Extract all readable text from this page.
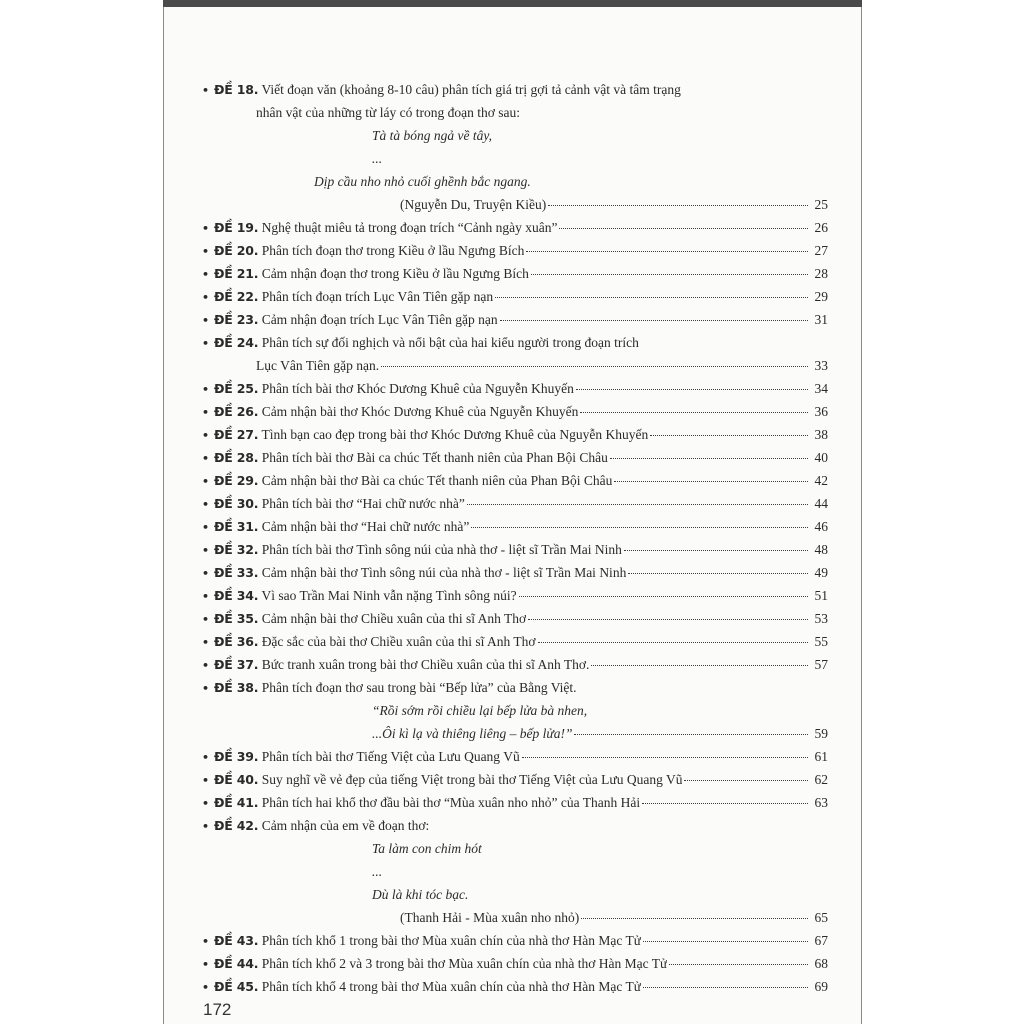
• ĐỀ 18. Viết đoạn văn (khoảng 8-10 câu) phân tích giá trị gợi tả cảnh vật và tâm trạng
nhân vật của những từ láy có trong đoạn thơ sau:
Tà tà bóng ngả về tây,
...
Dịp cầu nho nhỏ cuối ghềnh bắc ngang.
(Nguyễn Du, Truyện Kiều)	25
• ĐỀ 19. Nghệ thuật miêu tả trong đoạn trích “Cảnh ngày xuân”	26
• ĐỀ 20. Phân tích đoạn thơ trong Kiều ở lầu Ngưng Bích	27
• ĐỀ 21. Cảm nhận đoạn thơ trong Kiều ở lầu Ngưng Bích	28
• ĐỀ 22. Phân tích đoạn trích Lục Vân Tiên gặp nạn	29
• ĐỀ 23. Cảm nhận đoạn trích Lục Vân Tiên gặp nạn	31
• ĐỀ 24. Phân tích sự đối nghịch và nổi bật của hai kiểu người trong đoạn trích
Lục Vân Tiên gặp nạn.	33
• ĐỀ 25. Phân tích bài thơ Khóc Dương Khuê của Nguyễn Khuyến	34
• ĐỀ 26. Cảm nhận bài thơ Khóc Dương Khuê của Nguyễn Khuyến	36
• ĐỀ 27. Tình bạn cao đẹp trong bài thơ Khóc Dương Khuê của Nguyễn Khuyến	38
• ĐỀ 28. Phân tích bài thơ Bài ca chúc Tết thanh niên của Phan Bội Châu	40
• ĐỀ 29. Cảm nhận bài thơ Bài ca chúc Tết thanh niên của Phan Bội Châu	42
• ĐỀ 30. Phân tích bài thơ “Hai chữ nước nhà”	44
• ĐỀ 31. Cảm nhận bài thơ “Hai chữ nước nhà”	46
• ĐỀ 32. Phân tích bài thơ Tình sông núi của nhà thơ - liệt sĩ Trần Mai Ninh	48
• ĐỀ 33. Cảm nhận bài thơ Tình sông núi của nhà thơ - liệt sĩ Trần Mai Ninh	49
• ĐỀ 34. Vì sao Trần Mai Ninh vẫn nặng Tình sông núi?	51
• ĐỀ 35. Cảm nhận bài thơ Chiều xuân của thi sĩ Anh Thơ	53
• ĐỀ 36. Đặc sắc của bài thơ Chiều xuân của thi sĩ Anh Thơ	55
• ĐỀ 37. Bức tranh xuân trong bài thơ Chiều xuân của thi sĩ Anh Thơ.	57
• ĐỀ 38. Phân tích đoạn thơ sau trong bài “Bếp lửa” của Bằng Việt.
“Rồi sớm rồi chiều lại bếp lửa bà nhen,
...Ôi kì lạ và thiêng liêng – bếp lửa!”	59
• ĐỀ 39. Phân tích bài thơ Tiếng Việt của Lưu Quang Vũ	61
• ĐỀ 40. Suy nghĩ về vẻ đẹp của tiếng Việt trong bài thơ Tiếng Việt của Lưu Quang Vũ	62
• ĐỀ 41. Phân tích hai khổ thơ đầu bài thơ “Mùa xuân nho nhỏ” của Thanh Hải	63
• ĐỀ 42. Cảm nhận của em về đoạn thơ:
Ta làm con chim hót
...
Dù là khi tóc bạc.
(Thanh Hải - Mùa xuân nho nhỏ)	65
• ĐỀ 43. Phân tích khổ 1 trong bài thơ Mùa xuân chín của nhà thơ Hàn Mạc Tử	67
• ĐỀ 44. Phân tích khổ 2 và 3 trong bài thơ Mùa xuân chín của nhà thơ Hàn Mạc Tử	68
• ĐỀ 45. Phân tích khổ 4 trong bài thơ Mùa xuân chín của nhà thơ Hàn Mạc Tử	69
172
